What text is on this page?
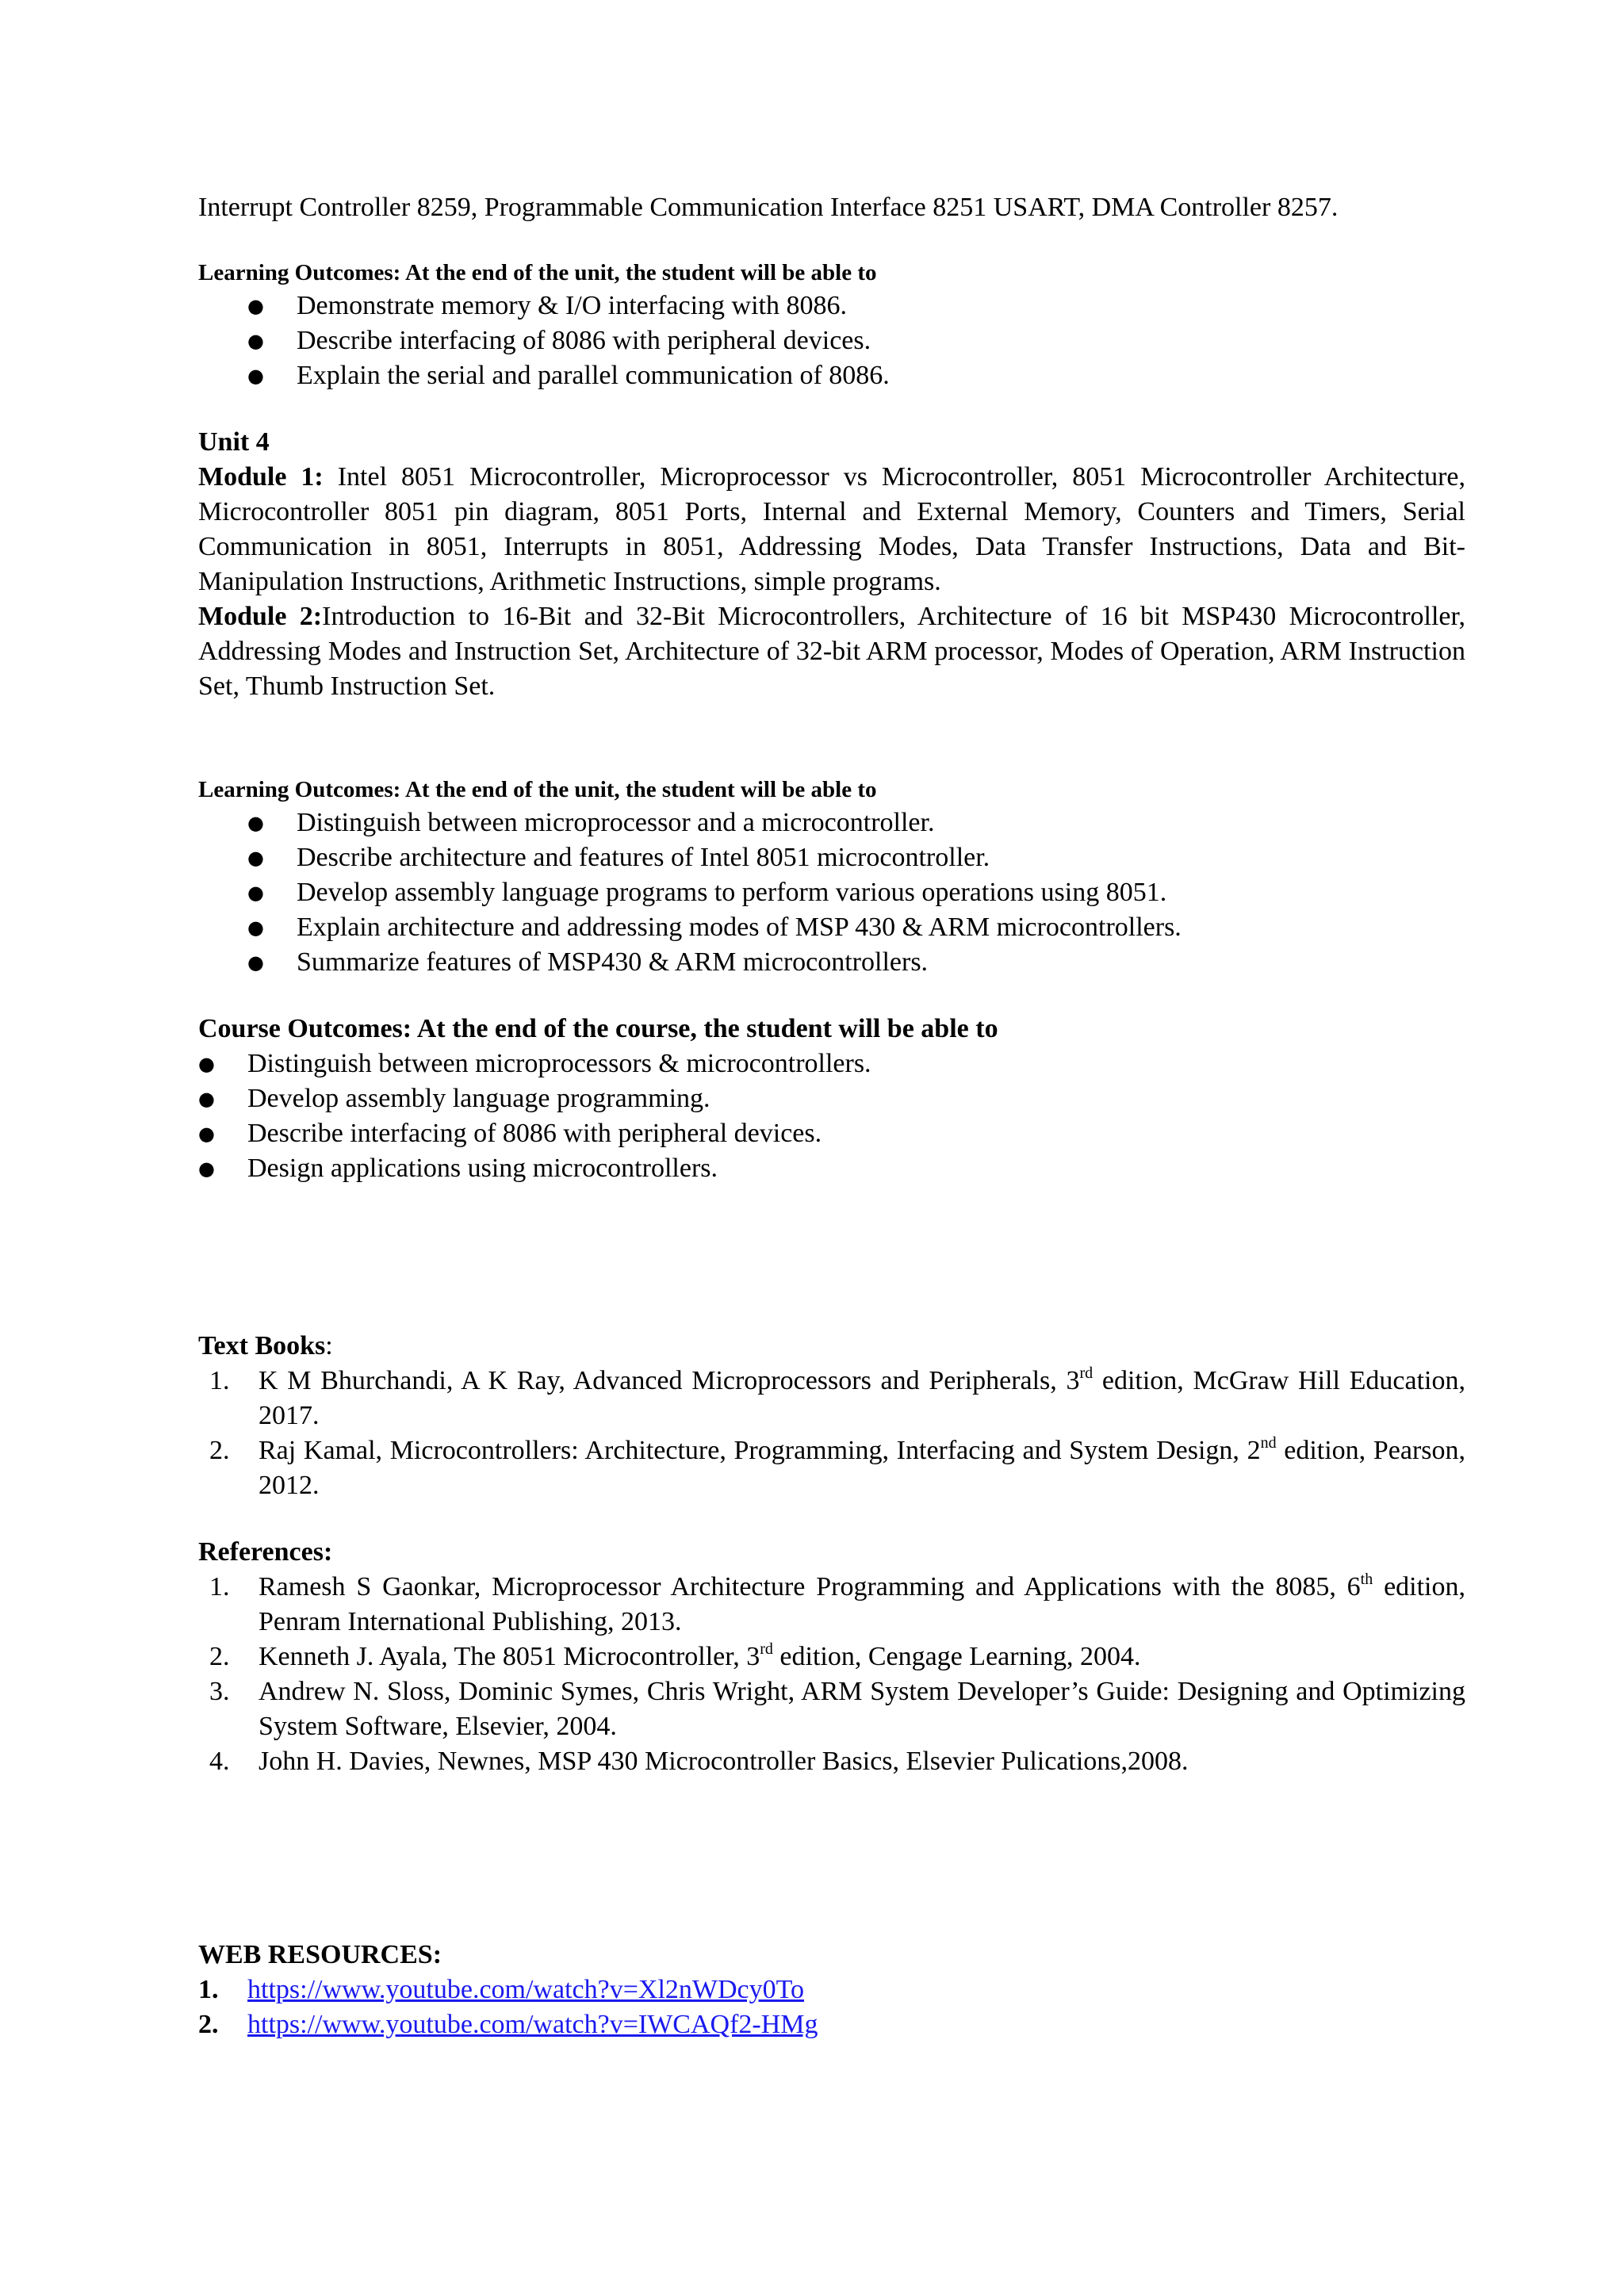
Interrupt Controller 8259, Programmable Communication Interface 8251 USART, DMA Controller 8257.

Learning Outcomes: At the end of the unit, the student will be able to

● Demonstrate memory & I/O interfacing with 8086.
● Describe interfacing of 8086 with peripheral devices.
● Explain the serial and parallel communication of 8086.

Unit 4

Module 1: Intel 8051 Microcontroller, Microprocessor vs Microcontroller, 8051 Microcontroller Architecture, Microcontroller 8051 pin diagram, 8051 Ports, Internal and External Memory, Counters and Timers, Serial Communication in 8051, Interrupts in 8051, Addressing Modes, Data Transfer Instructions, Data and Bit-Manipulation Instructions, Arithmetic Instructions, simple programs.

Module 2:Introduction to 16-Bit and 32-Bit Microcontrollers, Architecture of 16 bit MSP430 Microcontroller, Addressing Modes and Instruction Set, Architecture of 32-bit ARM processor, Modes of Operation, ARM Instruction Set, Thumb Instruction Set.

Learning Outcomes: At the end of the unit, the student will be able to

● Distinguish between microprocessor and a microcontroller.
● Describe architecture and features of Intel 8051 microcontroller.
● Develop assembly language programs to perform various operations using 8051.
● Explain architecture and addressing modes of MSP 430 & ARM microcontrollers.
● Summarize features of MSP430 & ARM microcontrollers.

Course Outcomes: At the end of the course, the student will be able to

● Distinguish between microprocessors & microcontrollers.
● Develop assembly language programming.
● Describe interfacing of 8086 with peripheral devices.
● Design applications using microcontrollers.

Text Books:

1. K M Bhurchandi, A K Ray, Advanced Microprocessors and Peripherals, 3rd edition, McGraw Hill Education, 2017.
2. Raj Kamal, Microcontrollers: Architecture, Programming, Interfacing and System Design, 2nd edition, Pearson, 2012.

References:

1. Ramesh S Gaonkar, Microprocessor Architecture Programming and Applications with the 8085, 6th edition, Penram International Publishing, 2013.
2. Kenneth J. Ayala, The 8051 Microcontroller, 3rd edition, Cengage Learning, 2004.
3. Andrew N. Sloss, Dominic Symes, Chris Wright, ARM System Developer’s Guide: Designing and Optimizing System Software, Elsevier, 2004.
4. John H. Davies, Newnes, MSP 430 Microcontroller Basics, Elsevier Pulications,2008.

WEB RESOURCES:

1. https://www.youtube.com/watch?v=Xl2nWDcy0To
2. https://www.youtube.com/watch?v=IWCAQf2-HMg
